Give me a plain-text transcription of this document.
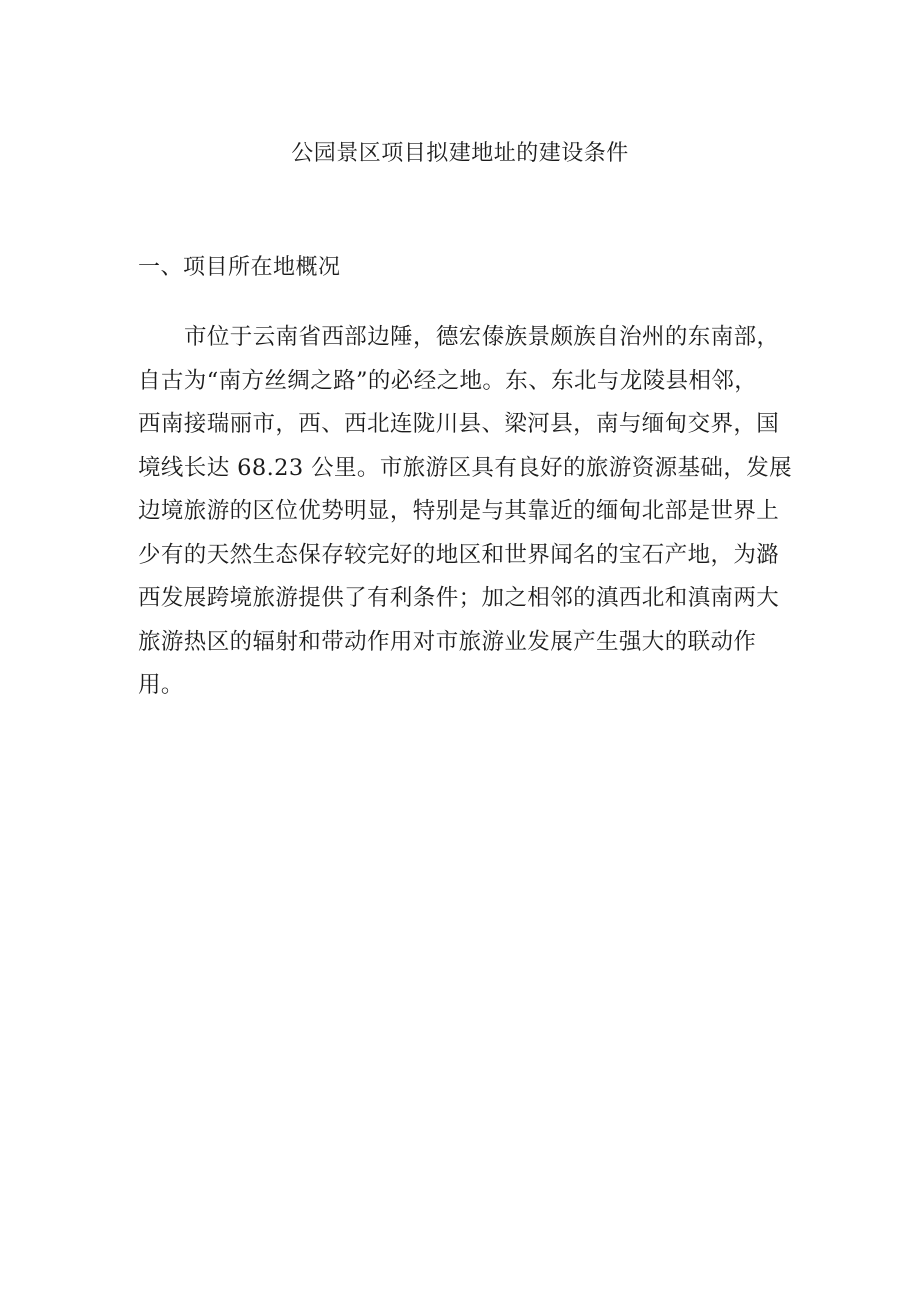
公园景区项目拟建地址的建设条件
一、项目所在地概况

市位于云南省西部边陲，德宏傣族景颇族自治州的东南部，
自古为“南方丝绸之路”的必经之地。东、东北与龙陵县相邻，
西南接瑞丽市，西、西北连陇川县、梁河县，南与缅甸交界，国
境线长达 68.23 公里。市旅游区具有良好的旅游资源基础，发展
边境旅游的区位优势明显，特别是与其靠近的缅甸北部是世界上
少有的天然生态保存较完好的地区和世界闻名的宝石产地，为潞
西发展跨境旅游提供了有利条件；加之相邻的滇西北和滇南两大
旅游热区的辐射和带动作用对市旅游业发展产生强大的联动作
用。
